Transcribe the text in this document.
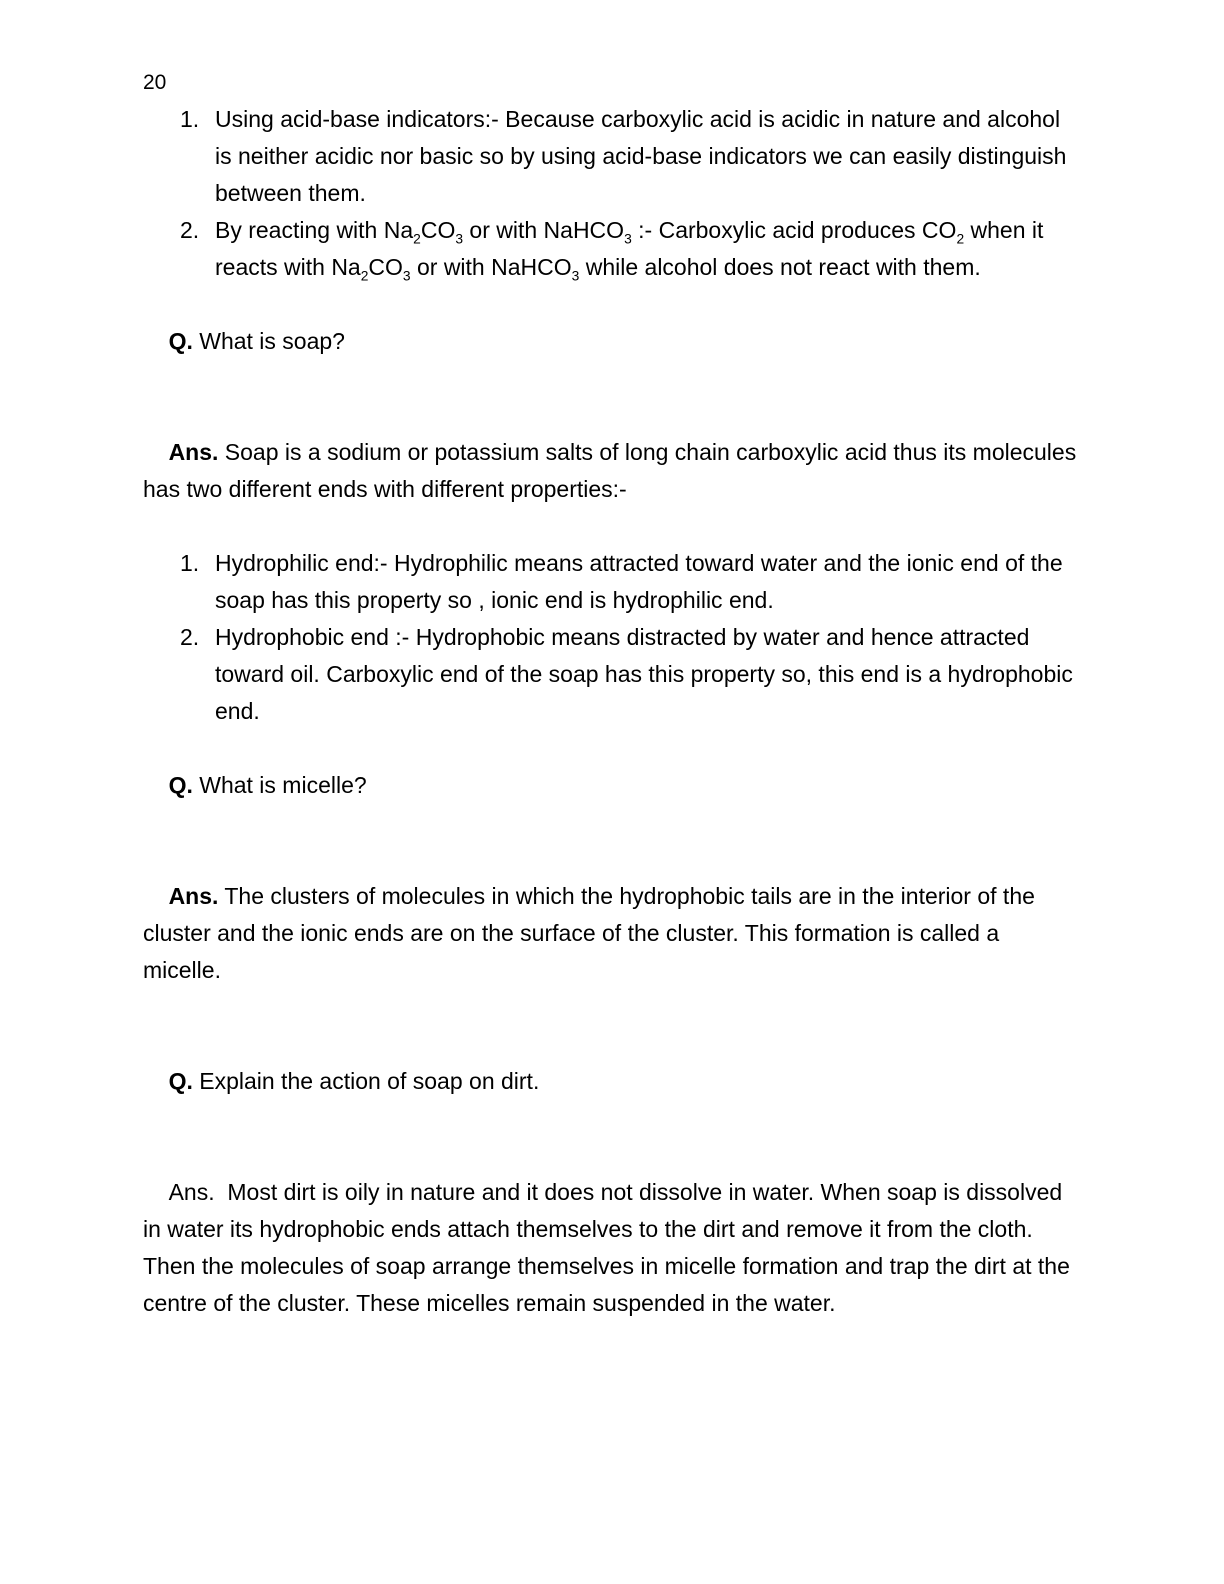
20
1. Using acid-base indicators:- Because carboxylic acid is acidic in nature and alcohol is neither acidic nor basic so by using acid-base indicators we can easily distinguish between them.
2. By reacting with $Na_2CO_3$ or with NaHCO$_3$ :- Carboxylic acid produces $CO_2$ when it reacts with $Na_2CO_3$ or with NaHCO$_3$ while alcohol does not react with them.

Q. What is soap?

Ans. Soap is a sodium or potassium salts of long chain carboxylic acid thus its molecules has two different ends with different properties:-

1. Hydrophilic end:- Hydrophilic means attracted toward water and the ionic end of the soap has this property so , ionic end is hydrophilic end.
2. Hydrophobic end :- Hydrophobic means distracted by water and hence attracted toward oil. Carboxylic end of the soap has this property so, this end is a hydrophobic end.

Q. What is micelle?

Ans. The clusters of molecules in which the hydrophobic tails are in the interior of the cluster and the ionic ends are on the surface of the cluster. This formation is called a micelle.

Q. Explain the action of soap on dirt.

Ans.  Most dirt is oily in nature and it does not dissolve in water. When soap is dissolved in water its hydrophobic ends attach themselves to the dirt and remove it from the cloth. Then the molecules of soap arrange themselves in micelle formation and trap the dirt at the centre of the cluster. These micelles remain suspended in the water.
